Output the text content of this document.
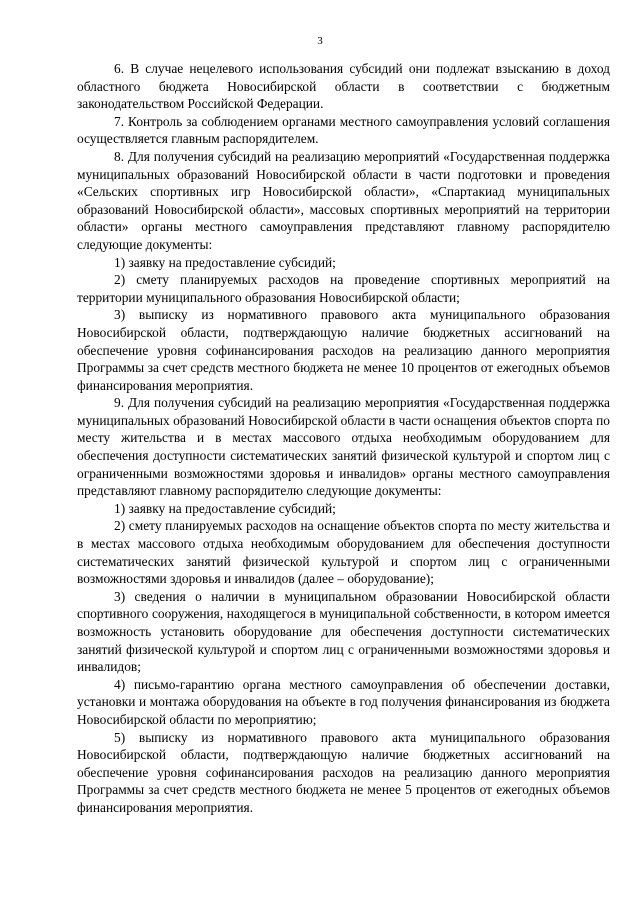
3

6. В случае нецелевого использования субсидий они подлежат взысканию в доход областного бюджета Новосибирской области в соответствии с бюджетным законодательством Российской Федерации.

7. Контроль за соблюдением органами местного самоуправления условий соглашения осуществляется главным распорядителем.

8. Для получения субсидий на реализацию мероприятий «Государственная поддержка муниципальных образований Новосибирской области в части подготовки и проведения «Сельских спортивных игр Новосибирской области», «Спартакиад муниципальных образований Новосибирской области», массовых спортивных мероприятий на территории области» органы местного самоуправления представляют главному распорядителю следующие документы:

1) заявку на предоставление субсидий;

2) смету планируемых расходов на проведение спортивных мероприятий на территории муниципального образования Новосибирской области;

3) выписку из нормативного правового акта муниципального образования Новосибирской области, подтверждающую наличие бюджетных ассигнований на обеспечение уровня софинансирования расходов на реализацию данного мероприятия Программы за счет средств местного бюджета не менее 10 процентов от ежегодных объемов финансирования мероприятия.

9. Для получения субсидий на реализацию мероприятия «Государственная поддержка муниципальных образований Новосибирской области в части оснащения объектов спорта по месту жительства и в местах массового отдыха необходимым оборудованием для обеспечения доступности систематических занятий физической культурой и спортом лиц с ограниченными возможностями здоровья и инвалидов» органы местного самоуправления представляют главному распорядителю следующие документы:

1) заявку на предоставление субсидий;

2) смету планируемых расходов на оснащение объектов спорта по месту жительства и в местах массового отдыха необходимым оборудованием для обеспечения доступности систематических занятий физической культурой и спортом лиц с ограниченными возможностями здоровья и инвалидов (далее – оборудование);

3) сведения о наличии в муниципальном образовании Новосибирской области спортивного сооружения, находящегося в муниципальной собственности, в котором имеется возможность установить оборудование для обеспечения доступности систематических занятий физической культурой и спортом лиц с ограниченными возможностями здоровья и инвалидов;

4) письмо-гарантию органа местного самоуправления об обеспечении доставки, установки и монтажа оборудования на объекте в год получения финансирования из бюджета Новосибирской области по мероприятию;

5) выписку из нормативного правового акта муниципального образования Новосибирской области, подтверждающую наличие бюджетных ассигнований на обеспечение уровня софинансирования расходов на реализацию данного мероприятия Программы за счет средств местного бюджета не менее 5 процентов от ежегодных объемов финансирования мероприятия.
